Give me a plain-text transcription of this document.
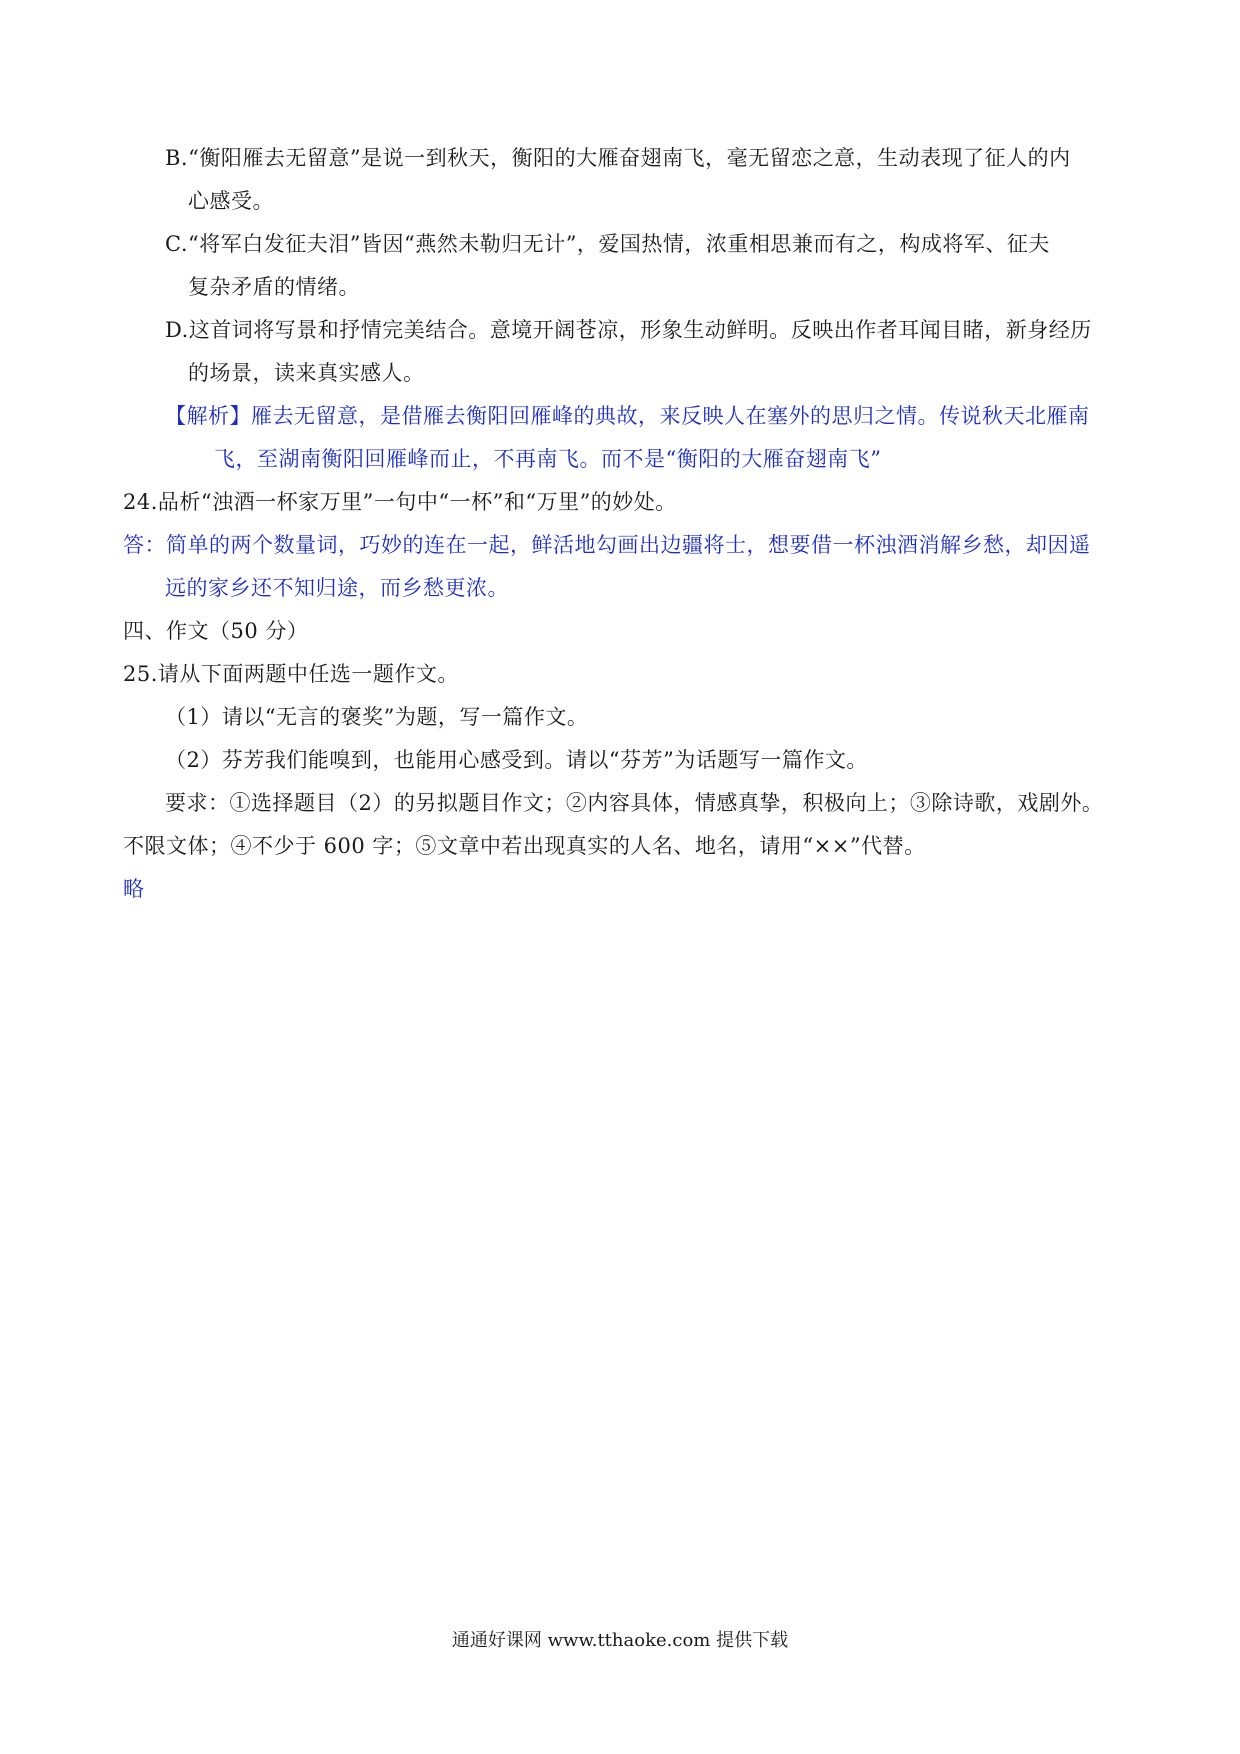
B.“衡阳雁去无留意”是说一到秋天，衡阳的大雁奋翅南飞，毫无留恋之意，生动表现了征人的内
心感受。
C.“将军白发征夫泪”皆因“燕然未勒归无计”，爱国热情，浓重相思兼而有之，构成将军、征夫
复杂矛盾的情绪。
D.这首词将写景和抒情完美结合。意境开阔苍凉，形象生动鲜明。反映出作者耳闻目睹，新身经历
的场景，读来真实感人。
【解析】雁去无留意，是借雁去衡阳回雁峰的典故，来反映人在塞外的思归之情。传说秋天北雁南
飞，至湖南衡阳回雁峰而止，不再南飞。而不是“衡阳的大雁奋翅南飞”
24.品析“浊酒一杯家万里”一句中“一杯”和“万里”的妙处。
答：简单的两个数量词，巧妙的连在一起，鲜活地勾画出边疆将士，想要借一杯浊酒消解乡愁，却因遥
远的家乡还不知归途，而乡愁更浓。
四、作文（50 分）
25.请从下面两题中任选一题作文。
（1）请以“无言的褒奖”为题，写一篇作文。
（2）芬芳我们能嗅到，也能用心感受到。请以“芬芳”为话题写一篇作文。
要求：①选择题目（2）的另拟题目作文；②内容具体，情感真挚，积极向上；③除诗歌，戏剧外。
不限文体；④不少于 600 字；⑤文章中若出现真实的人名、地名，请用“××”代替。
略
通通好课网 www.tthaoke.com 提供下载
